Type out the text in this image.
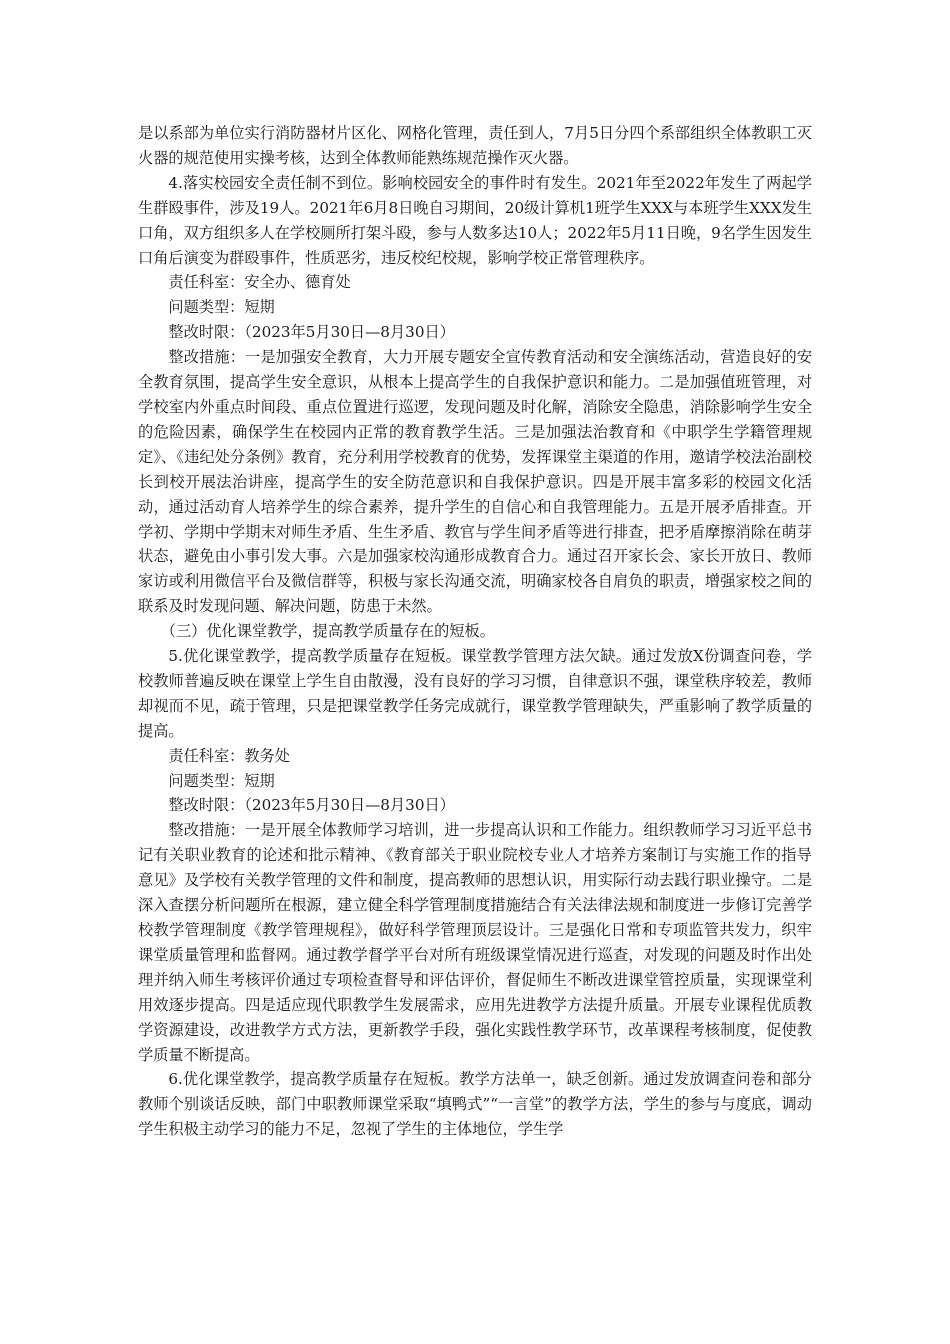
是以系部为单位实行消防器材片区化、网格化管理，责任到人，7月5日分四个系部组织全体教职工灭火器的规范使用实操考核，达到全体教师能熟练规范操作灭火器。

4.落实校园安全责任制不到位。影响校园安全的事件时有发生。2021年至2022年发生了两起学生群殴事件，涉及19人。2021年6月8日晚自习期间，20级计算机1班学生XXX与本班学生XXX发生口角，双方组织多人在学校厕所打架斗殴，参与人数多达10人；2022年5月11日晚，9名学生因发生口角后演变为群殴事件，性质恶劣，违反校纪校规，影响学校正常管理秩序。

责任科室：安全办、德育处

问题类型：短期

整改时限：（2023年5月30日—8月30日）

整改措施：一是加强安全教育，大力开展专题安全宣传教育活动和安全演练活动，营造良好的安全教育氛围，提高学生安全意识，从根本上提高学生的自我保护意识和能力。二是加强值班管理，对学校室内外重点时间段、重点位置进行巡逻，发现问题及时化解，消除安全隐患，消除影响学生安全的危险因素，确保学生在校园内正常的教育教学生活。三是加强法治教育和《中职学生学籍管理规定》、《违纪处分条例》教育，充分利用学校教育的优势，发挥课堂主渠道的作用，邀请学校法治副校长到校开展法治讲座，提高学生的安全防范意识和自我保护意识。四是开展丰富多彩的校园文化活动，通过活动育人培养学生的综合素养，提升学生的自信心和自我管理能力。五是开展矛盾排查。开学初、学期中学期末对师生矛盾、生生矛盾、教官与学生间矛盾等进行排查，把矛盾摩擦消除在萌芽状态，避免由小事引发大事。六是加强家校沟通形成教育合力。通过召开家长会、家长开放日、教师家访或利用微信平台及微信群等，积极与家长沟通交流，明确家校各自肩负的职责，增强家校之间的联系及时发现问题、解决问题，防患于未然。

（三）优化课堂教学，提高教学质量存在的短板。

5.优化课堂教学，提高教学质量存在短板。课堂教学管理方法欠缺。通过发放X份调查问卷，学校教师普遍反映在课堂上学生自由散漫，没有良好的学习习惯，自律意识不强，课堂秩序较差，教师却视而不见，疏于管理，只是把课堂教学任务完成就行，课堂教学管理缺失，严重影响了教学质量的提高。

责任科室：教务处

问题类型：短期

整改时限：（2023年5月30日—8月30日）

整改措施：一是开展全体教师学习培训，进一步提高认识和工作能力。组织教师学习习近平总书记有关职业教育的论述和批示精神、《教育部关于职业院校专业人才培养方案制订与实施工作的指导意见》及学校有关教学管理的文件和制度，提高教师的思想认识，用实际行动去践行职业操守。二是深入查摆分析问题所在根源，建立健全科学管理制度措施结合有关法律法规和制度进一步修订完善学校教学管理制度《教学管理规程》，做好科学管理顶层设计。三是强化日常和专项监管共发力，织牢课堂质量管理和监督网。通过教学督学平台对所有班级课堂情况进行巡查，对发现的问题及时作出处理并纳入师生考核评价通过专项检查督导和评估评价，督促师生不断改进课堂管控质量，实现课堂利用效逐步提高。四是适应现代职教学生发展需求，应用先进教学方法提升质量。开展专业课程优质教学资源建设，改进教学方式方法，更新教学手段，强化实践性教学环节，改革课程考核制度，促使教学质量不断提高。

6.优化课堂教学，提高教学质量存在短板。教学方法单一，缺乏创新。通过发放调查问卷和部分教师个别谈话反映，部门中职教师课堂采取“填鸭式”“一言堂”的教学方法，学生的参与与度底，调动学生积极主动学习的能力不足，忽视了学生的主体地位，学生学
